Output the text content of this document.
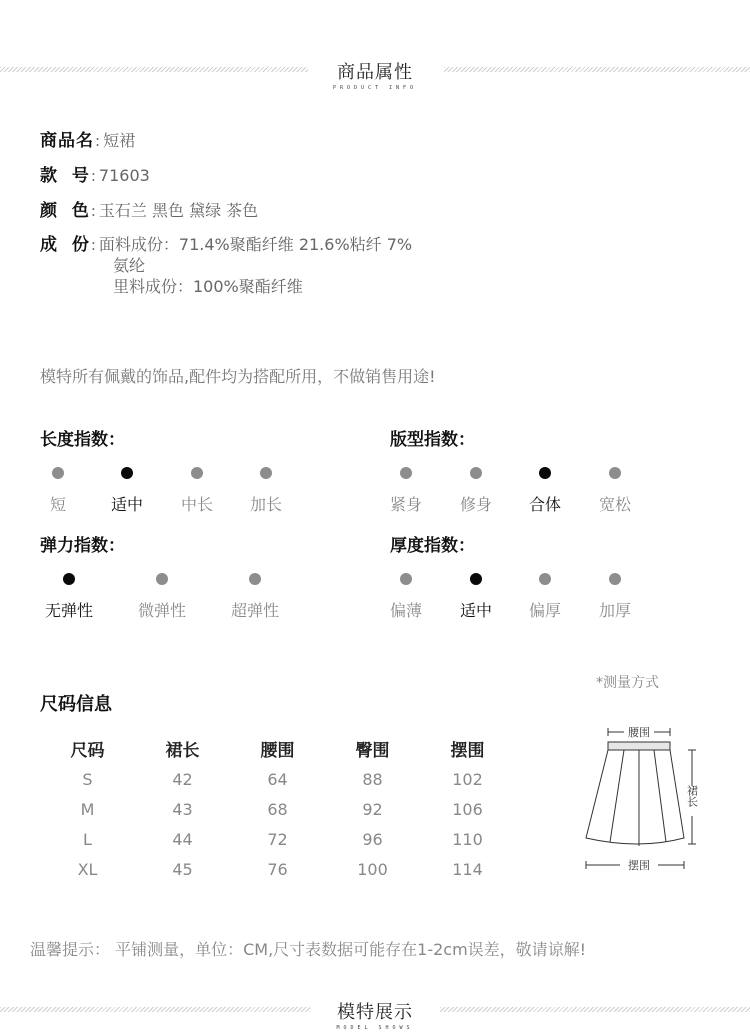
商品属性
PRODUCT INFO
商品名: 短裙
款  号: 71603
颜  色: 玉石兰 黑色 黛绿 茶色
成  份: 面料成份：71.4%聚酯纤维 21.6%粘纤 7%
氨纶
里料成份：100%聚酯纤维
模特所有佩戴的饰品,配件均为搭配所用，不做销售用途!
长度指数：	版型指数：
弹力指数：	厚度指数：
短	适中	中长	加长	紧身	修身	合体	宽松
无弹性	微弹性	超弹性	偏薄	适中	偏厚	加厚
尺码信息
*测量方式
尺码	裙长	腰围	臀围	摆围
S	42	64	88	102
M	43	68	92	106
L	44	72	96	110
XL	45	76	100	114
腰围
裙长
摆围
温馨提示： 平铺测量，单位：CM,尺寸表数据可能存在1-2cm误差，敬请谅解!
模特展示
MODEL SHOWS
